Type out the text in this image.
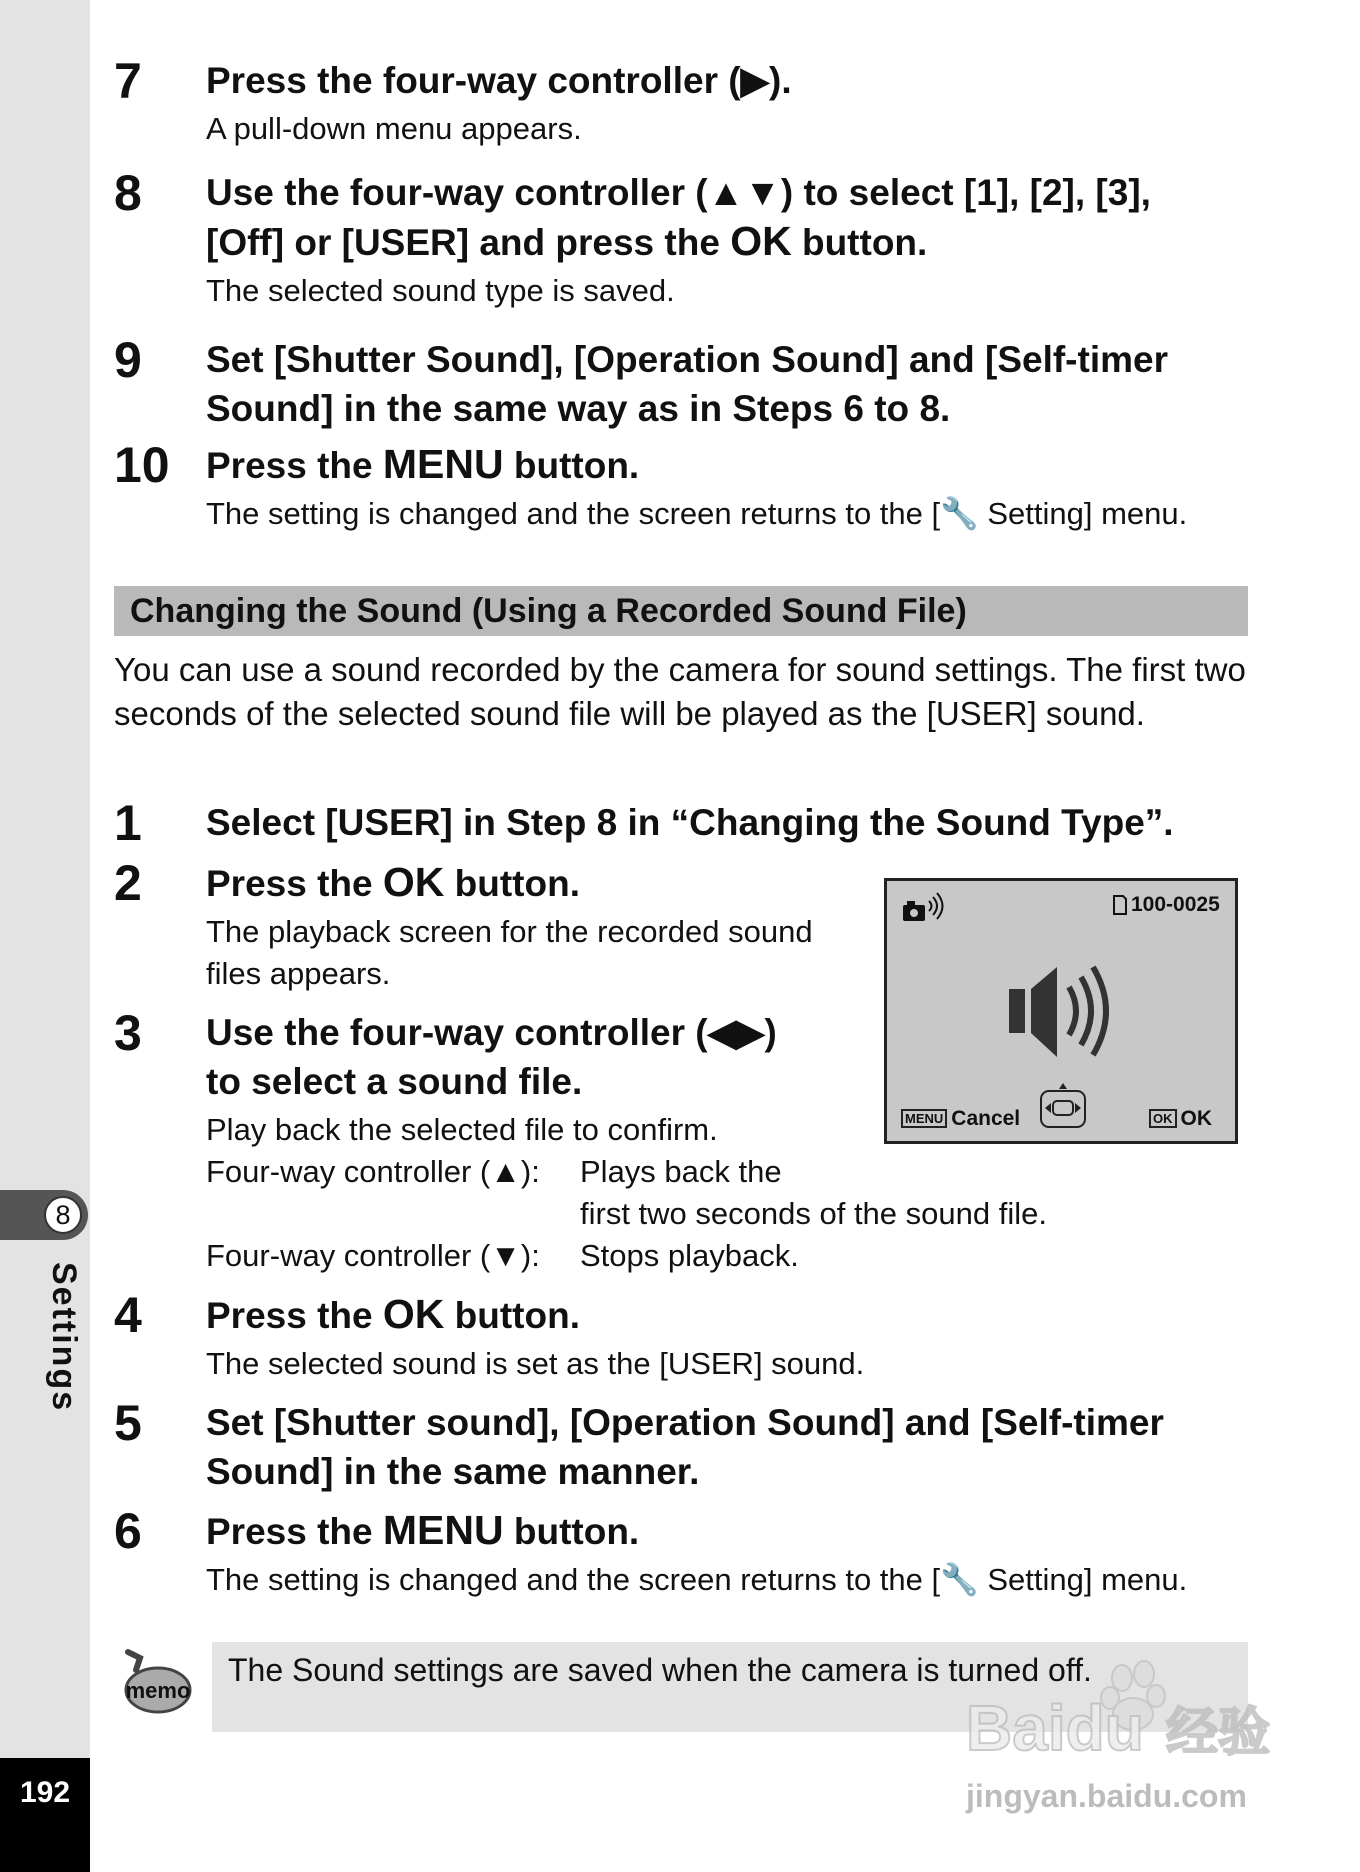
8
Settings
192
7 Press the four-way controller (▶).
A pull-down menu appears.
8 Use the four-way controller (▲▼) to select [1], [2], [3],
[Off] or [USER] and press the OK button.
The selected sound type is saved.
9 Set [Shutter Sound], [Operation Sound] and [Self-timer
Sound] in the same way as in Steps 6 to 8.
10 Press the MENU button.
The setting is changed and the screen returns to the [🔧 Setting] menu.
Changing the Sound (Using a Recorded Sound File)
You can use a sound recorded by the camera for sound settings. The first two seconds of the selected sound file will be played as the [USER] sound.
1 Select [USER] in Step 8 in “Changing the Sound Type”.
2 Press the OK button.
The playback screen for the recorded sound
files appears.
3 Use the four-way controller (◀▶)
to select a sound file.
Play back the selected file to confirm.
Four-way controller (▲): Plays back the
first two seconds of the sound file.
Four-way controller (▼): Stops playback.
4 Press the OK button.
The selected sound is set as the [USER] sound.
5 Set [Shutter sound], [Operation Sound] and [Self-timer
Sound] in the same manner.
6 Press the MENU button.
The setting is changed and the screen returns to the [🔧 Setting] menu.
100-0025
MENU Cancel	OK OK
memo
The Sound settings are saved when the camera is turned off.
Baidu 经验
jingyan.baidu.com
